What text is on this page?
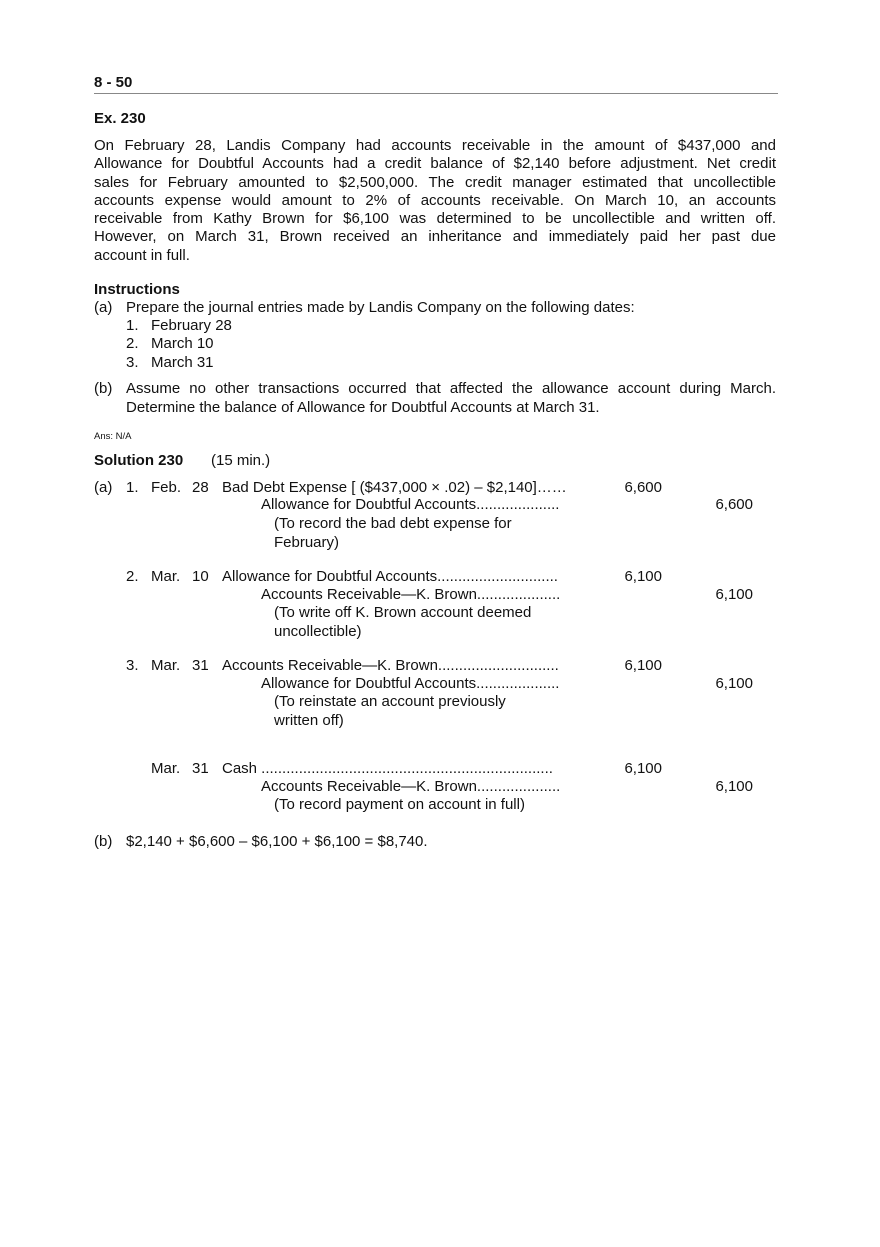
8 - 50
Ex. 230
On February 28, Landis Company had accounts receivable in the amount of $437,000 and
Allowance for Doubtful Accounts had a credit balance of $2,140 before adjustment. Net credit
sales for February amounted to $2,500,000. The credit manager estimated that uncollectible
accounts expense would amount to 2% of accounts receivable. On March 10, an accounts
receivable from Kathy Brown for $6,100 was determined to be uncollectible and written off.
However, on March 31, Brown received an inheritance and immediately paid her past due
account in full.
Instructions
(a) Prepare the journal entries made by Landis Company on the following dates:
1. February 28
2. March 10
3. March 31
(b) Assume no other transactions occurred that affected the allowance account during March.
Determine the balance of Allowance for Doubtful Accounts at March 31.
Ans: N/A
Solution 230 (15 min.)
(a) 1. Feb. 28 Bad Debt Expense [ ($437,000 × .02) – $2,140]……	6,600
Allowance for Doubtful Accounts....................	6,600
(To record the bad debt expense for
February)
2. Mar. 10 Allowance for Doubtful Accounts.............................	6,100
Accounts Receivable—K. Brown....................	6,100
(To write off K. Brown account deemed
uncollectible)
3. Mar. 31 Accounts Receivable—K. Brown.............................	6,100
Allowance for Doubtful Accounts....................	6,100
(To reinstate an account previously
written off)
Mar. 31 Cash ......................................................................	6,100
Accounts Receivable—K. Brown....................	6,100
(To record payment on account in full)
(b) $2,140 + $6,600 – $6,100 + $6,100 = $8,740.
